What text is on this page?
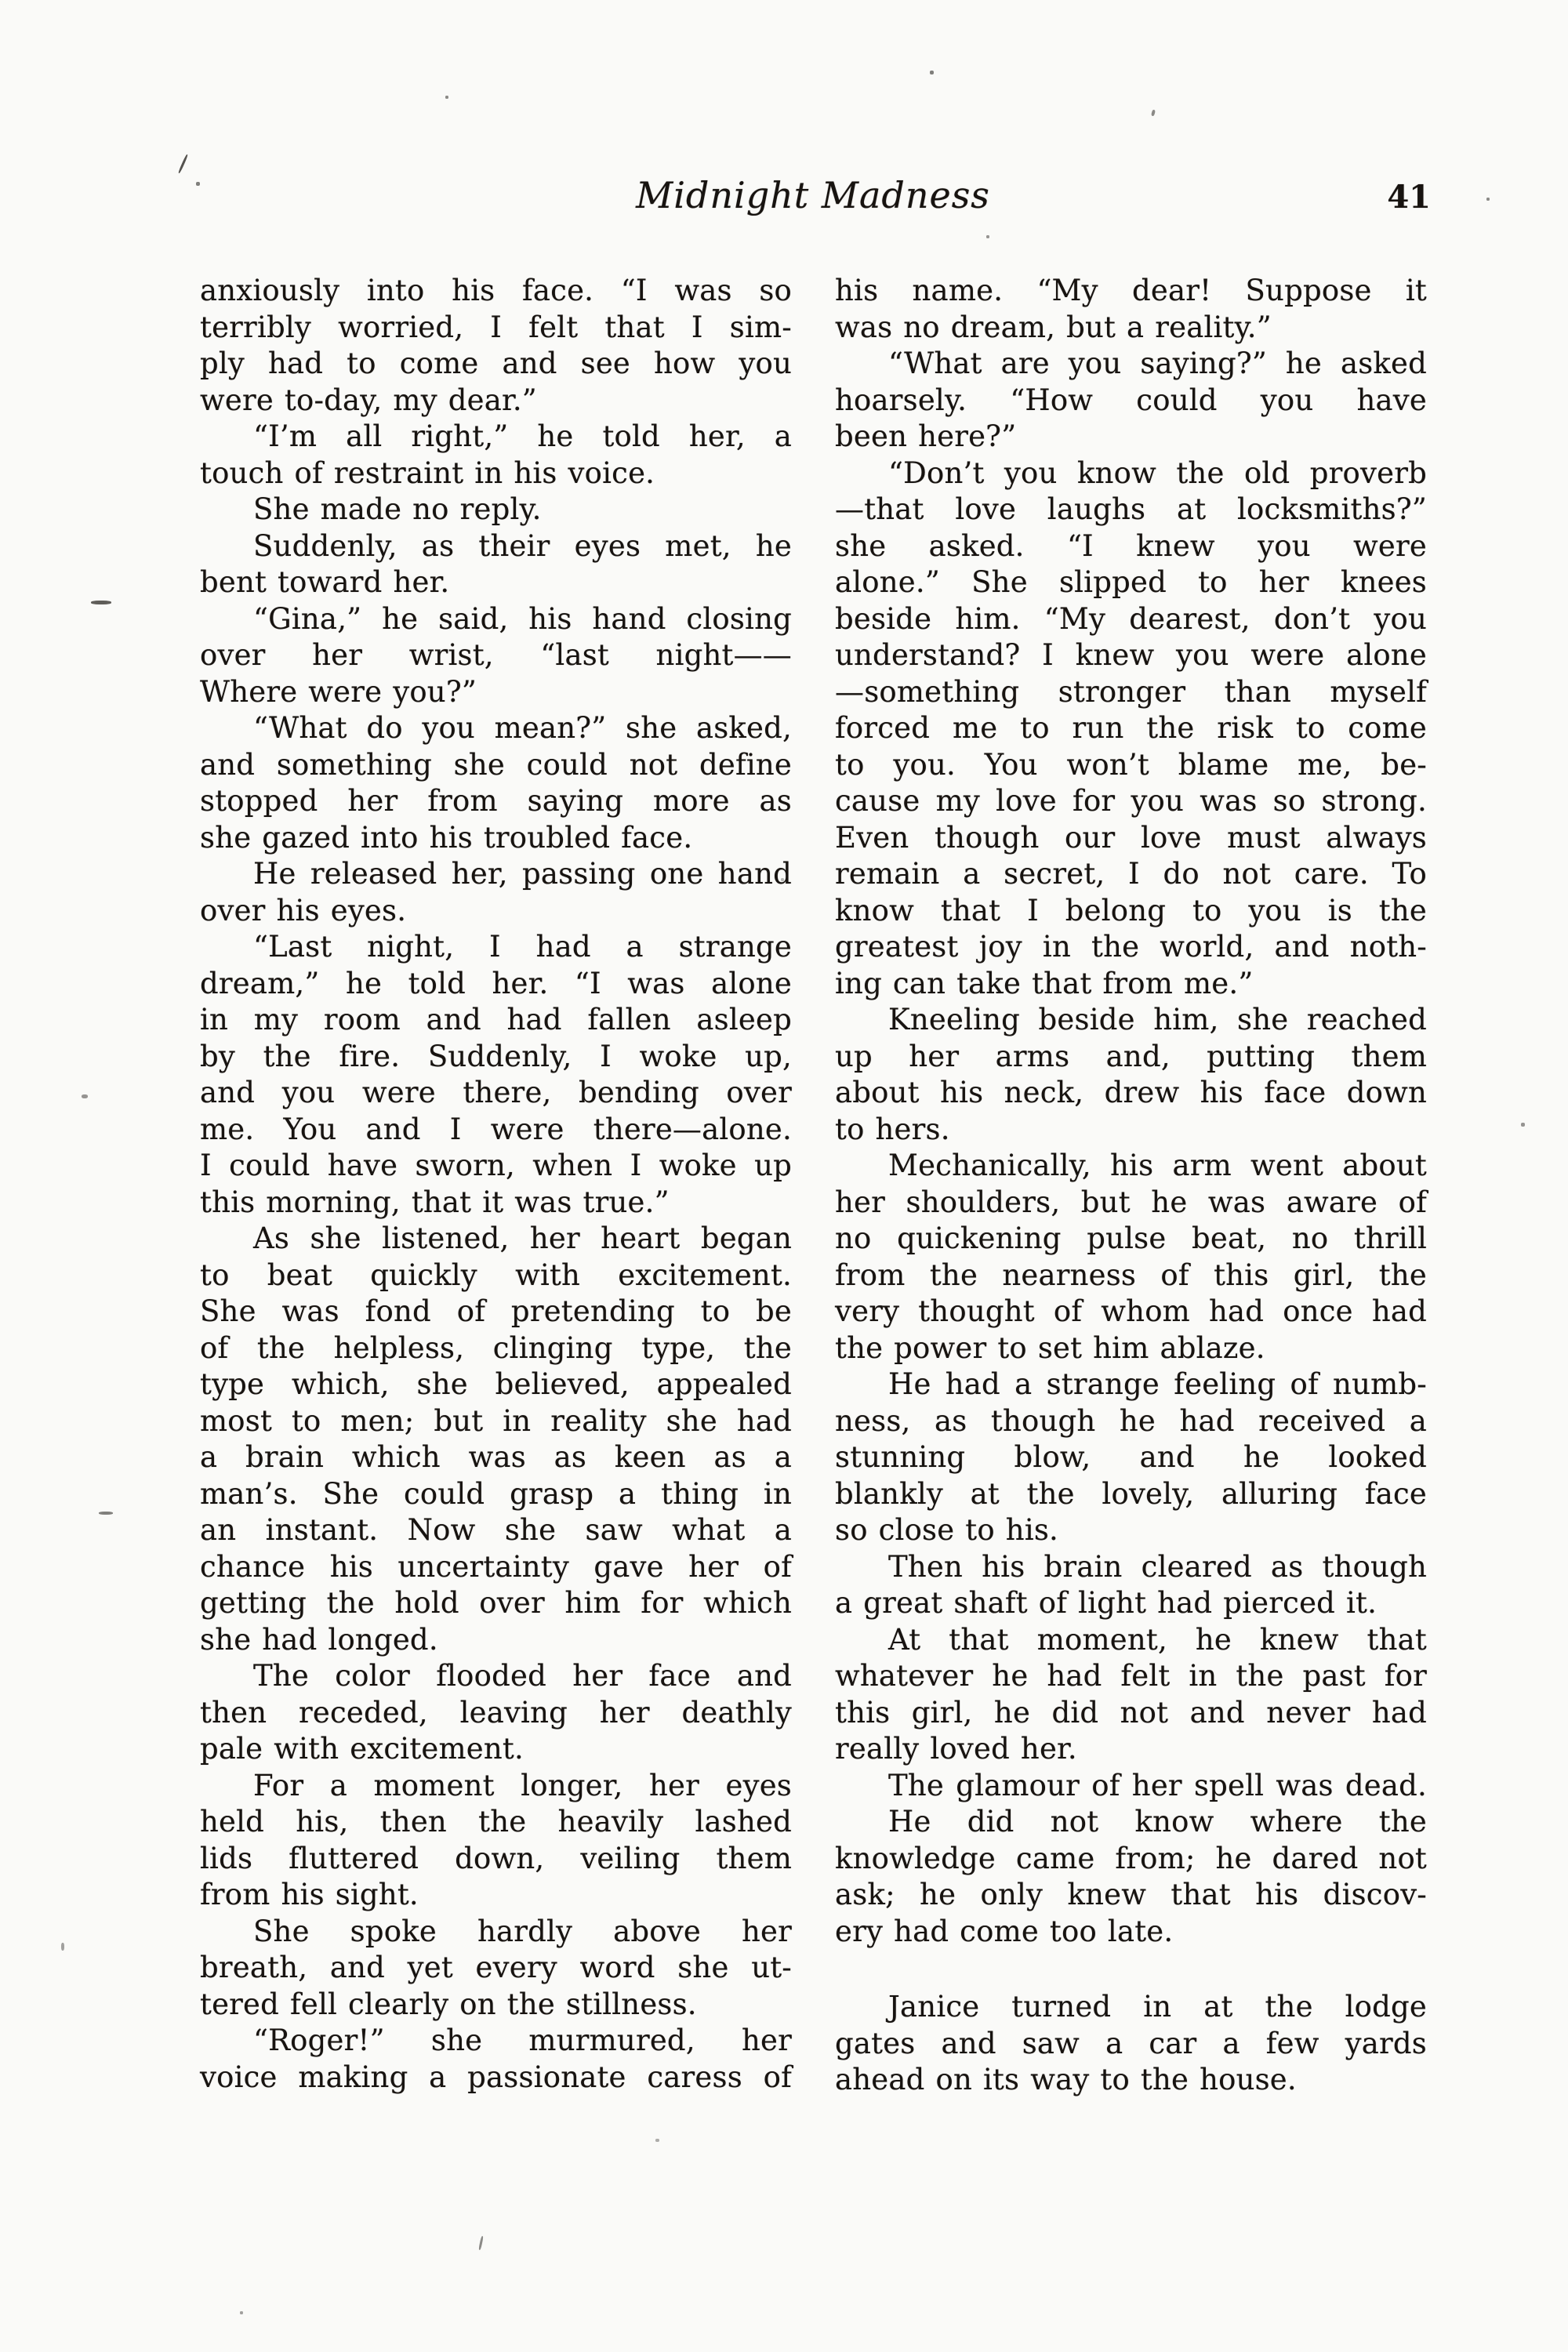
Midnight Madness	41
anxiously into his face. “I was so
terribly worried, I felt that I sim-
ply had to come and see how you
were to-day, my dear.”
“I’m all right,” he told her, a
touch of restraint in his voice.
She made no reply.
Suddenly, as their eyes met, he
bent toward her.
“Gina,” he said, his hand closing
over her wrist, “last night——
Where were you?”
“What do you mean?” she asked,
and something she could not define
stopped her from saying more as
she gazed into his troubled face.
He released her, passing one hand
over his eyes.
“Last night, I had a strange
dream,” he told her. “I was alone
in my room and had fallen asleep
by the fire. Suddenly, I woke up,
and you were there, bending over
me. You and I were there—alone.
I could have sworn, when I woke up
this morning, that it was true.”
As she listened, her heart began
to beat quickly with excitement.
She was fond of pretending to be
of the helpless, clinging type, the
type which, she believed, appealed
most to men; but in reality she had
a brain which was as keen as a
man’s. She could grasp a thing in
an instant. Now she saw what a
chance his uncertainty gave her of
getting the hold over him for which
she had longed.
The color flooded her face and
then receded, leaving her deathly
pale with excitement.
For a moment longer, her eyes
held his, then the heavily lashed
lids fluttered down, veiling them
from his sight.
She spoke hardly above her
breath, and yet every word she ut-
tered fell clearly on the stillness.
“Roger!” she murmured, her
voice making a passionate caress of
his name. “My dear! Suppose it
was no dream, but a reality.”
“What are you saying?” he asked
hoarsely. “How could you have
been here?”
“Don’t you know the old proverb
—that love laughs at locksmiths?”
she asked. “I knew you were
alone.” She slipped to her knees
beside him. “My dearest, don’t you
understand? I knew you were alone
—something stronger than myself
forced me to run the risk to come
to you. You won’t blame me, be-
cause my love for you was so strong.
Even though our love must always
remain a secret, I do not care. To
know that I belong to you is the
greatest joy in the world, and noth-
ing can take that from me.”
Kneeling beside him, she reached
up her arms and, putting them
about his neck, drew his face down
to hers.
Mechanically, his arm went about
her shoulders, but he was aware of
no quickening pulse beat, no thrill
from the nearness of this girl, the
very thought of whom had once had
the power to set him ablaze.
He had a strange feeling of numb-
ness, as though he had received a
stunning blow, and he looked
blankly at the lovely, alluring face
so close to his.
Then his brain cleared as though
a great shaft of light had pierced it.
At that moment, he knew that
whatever he had felt in the past for
this girl, he did not and never had
really loved her.
The glamour of her spell was dead.
He did not know where the
knowledge came from; he dared not
ask; he only knew that his discov-
ery had come too late.
Janice turned in at the lodge
gates and saw a car a few yards
ahead on its way to the house.
